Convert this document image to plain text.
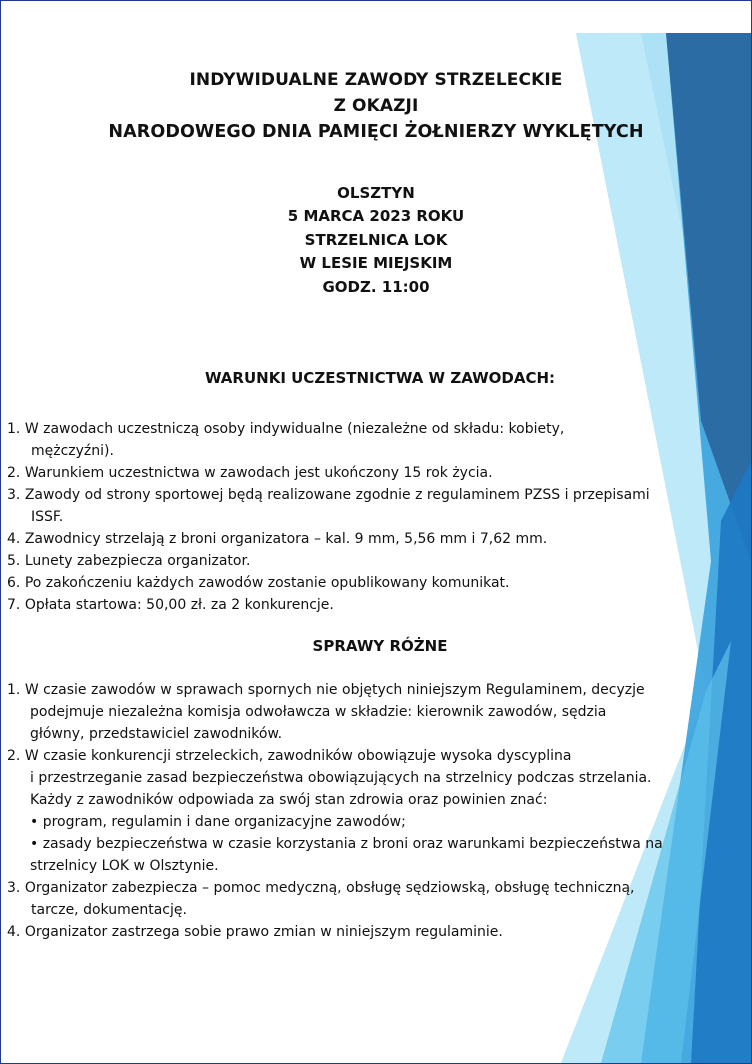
INDYWIDUALNE ZAWODY STRZELECKIE
Z OKAZJI
NARODOWEGO DNIA PAMIĘCI ŻOŁNIERZY WYKLĘTYCH
OLSZTYN
5 MARCA 2023 ROKU
STRZELNICA LOK
W LESIE MIEJSKIM
GODZ. 11:00
WARUNKI UCZESTNICTWA W ZAWODACH:
1. W zawodach uczestniczą osoby indywidualne (niezależne od składu: kobiety,
mężczyźni).
2. Warunkiem uczestnictwa w zawodach jest ukończony 15 rok życia.
3. Zawody od strony sportowej będą realizowane zgodnie z regulaminem PZSS i przepisami
ISSF.
4. Zawodnicy strzelają z broni organizatora – kal. 9 mm, 5,56 mm i 7,62 mm.
5. Lunety zabezpiecza organizator.
6. Po zakończeniu każdych zawodów zostanie opublikowany komunikat.
7. Opłata startowa: 50,00 zł. za 2 konkurencje.
SPRAWY RÓŻNE
1. W czasie zawodów w sprawach spornych nie objętych niniejszym Regulaminem, decyzje
podejmuje niezależna komisja odwoławcza w składzie: kierownik zawodów, sędzia
główny, przedstawiciel zawodników.
2. W czasie konkurencji strzeleckich, zawodników obowiązuje wysoka dyscyplina
i przestrzeganie zasad bezpieczeństwa obowiązujących na strzelnicy podczas strzelania.
Każdy z zawodników odpowiada za swój stan zdrowia oraz powinien znać:
• program, regulamin i dane organizacyjne zawodów;
• zasady bezpieczeństwa w czasie korzystania z broni oraz warunkami bezpieczeństwa na
strzelnicy LOK w Olsztynie.
3. Organizator zabezpiecza – pomoc medyczną, obsługę sędziowską, obsługę techniczną,
tarcze, dokumentację.
4. Organizator zastrzega sobie prawo zmian w niniejszym regulaminie.
